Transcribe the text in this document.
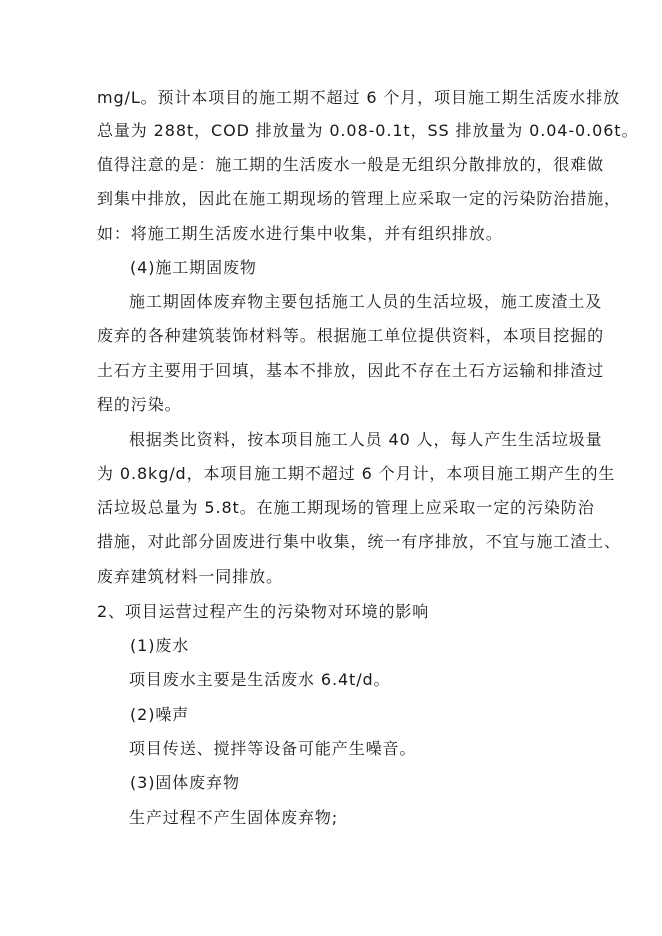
mg/L。预计本项目的施工期不超过 6 个月，项目施工期生活废水排放
总量为 288t，COD 排放量为 0.08-0.1t，SS 排放量为 0.04-0.06t。
值得注意的是：施工期的生活废水一般是无组织分散排放的，很难做
到集中排放，因此在施工期现场的管理上应采取一定的污染防治措施，
如：将施工期生活废水进行集中收集，并有组织排放。
(4)施工期固废物
施工期固体废弃物主要包括施工人员的生活垃圾，施工废渣土及
废弃的各种建筑装饰材料等。根据施工单位提供资料，本项目挖掘的
土石方主要用于回填，基本不排放，因此不存在土石方运输和排渣过
程的污染。
根据类比资料，按本项目施工人员 40 人，每人产生生活垃圾量
为 0.8kg/d，本项目施工期不超过 6 个月计，本项目施工期产生的生
活垃圾总量为 5.8t。在施工期现场的管理上应采取一定的污染防治
措施，对此部分固废进行集中收集，统一有序排放，不宜与施工渣土、
废弃建筑材料一同排放。
2、项目运营过程产生的污染物对环境的影响
(1)废水
项目废水主要是生活废水 6.4t/d。
(2)噪声
项目传送、搅拌等设备可能产生噪音。
(3)固体废弃物
生产过程不产生固体废弃物;
